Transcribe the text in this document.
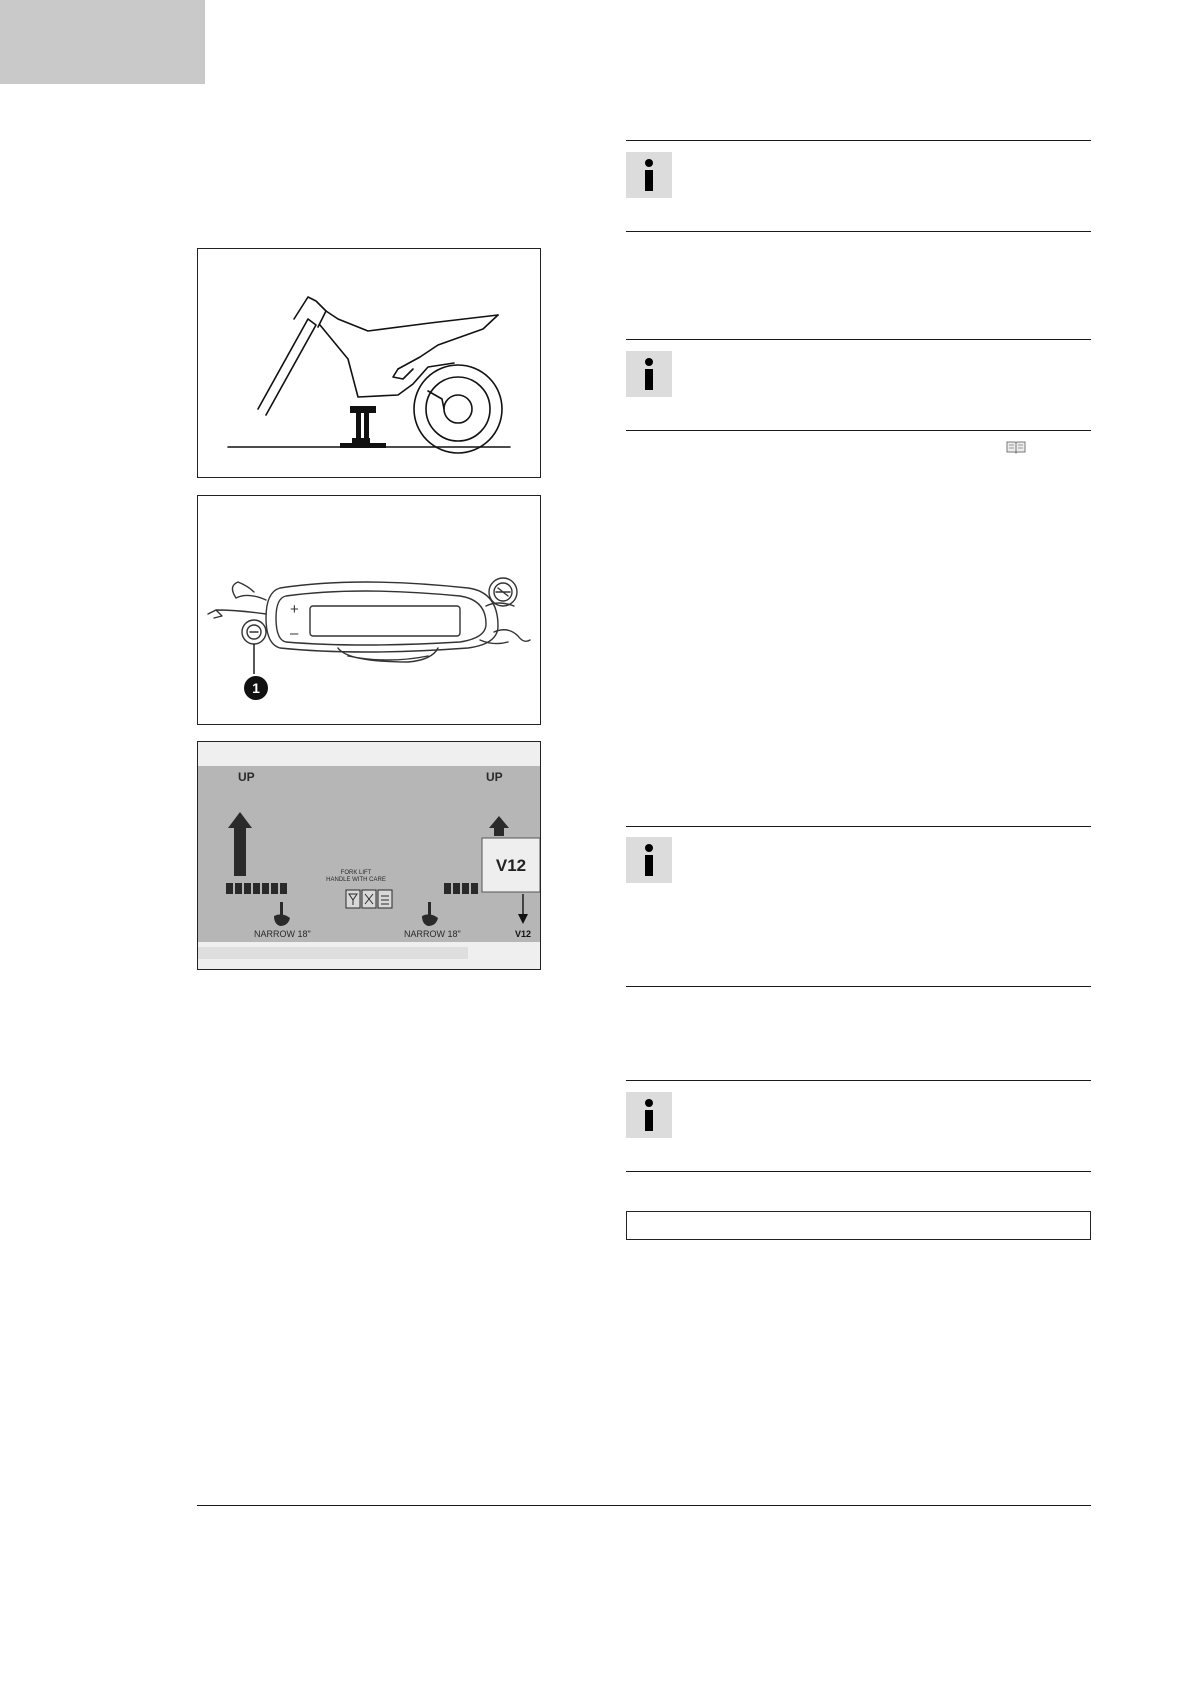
+
–
1
UP	UP
FORK LIFT
HANDLE WITH CARE
NARROW 18"	NARROW 18"
V12
V12
